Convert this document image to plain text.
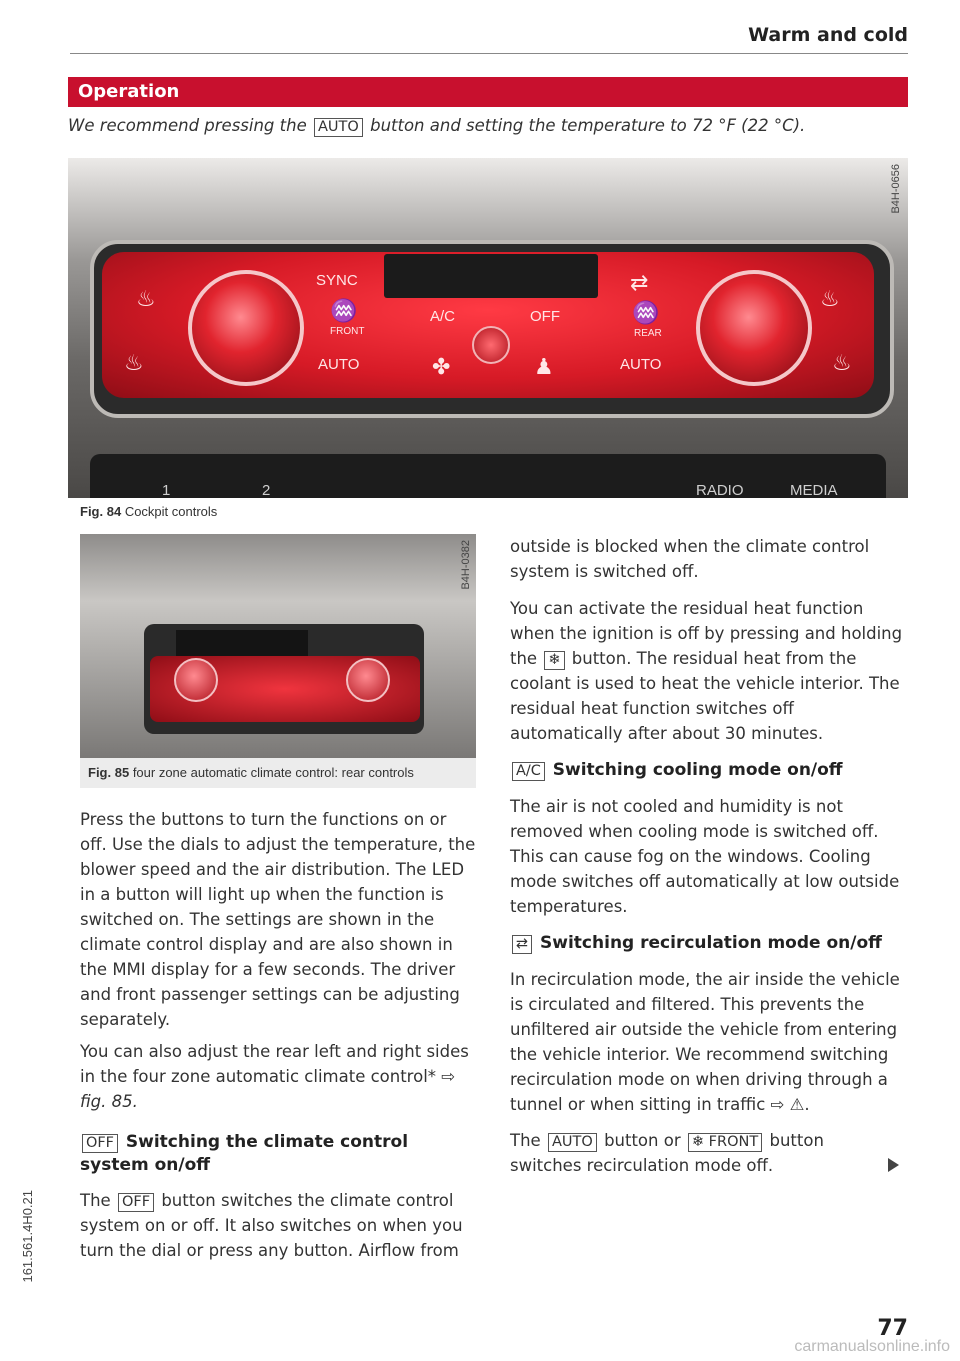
Warm and cold
Operation
We recommend pressing the AUTO button and setting the temperature to 72 °F (22 °C).
♨
♨
♨
♨
SYNC
♒
FRONT
AUTO
A/C	OFF
✤	♟
⇄
♒
REAR
AUTO
1	2	RADIO	MEDIA
B4H-0656
Fig. 84 Cockpit controls
B4H-0382
Fig. 85 four zone automatic climate control: rear controls
Press the buttons to turn the functions on or off. Use the dials to adjust the temperature, the blower speed and the air distribution. The LED in a button will light up when the function is switched on. The settings are shown in the climate control display and are also shown in the MMI display for a few seconds. The driver and front passenger settings can be adjusting separately.
You can also adjust the rear left and right sides in the four zone automatic climate control* ⇨ fig. 85.
OFF Switching the climate control system on/off
The OFF button switches the climate control system on or off. It also switches on when you turn the dial or press any button. Airflow from
outside is blocked when the climate control system is switched off.
You can activate the residual heat function when the ignition is off by pressing and holding the ❄ button. The residual heat from the coolant is used to heat the vehicle interior. The residual heat function switches off automatically after about 30 minutes.
A/C Switching cooling mode on/off
The air is not cooled and humidity is not removed when cooling mode is switched off. This can cause fog on the windows. Cooling mode switches off automatically at low outside temperatures.
⇄ Switching recirculation mode on/off
In recirculation mode, the air inside the vehicle is circulated and filtered. This prevents the unfiltered air outside the vehicle from entering the vehicle interior. We recommend switching recirculation mode on when driving through a tunnel or when sitting in traffic ⇨ ⚠.
The AUTO button or ❄ FRONT button switches recirculation mode off.
161.561.4H0.21
77
carmanualsonline.info
